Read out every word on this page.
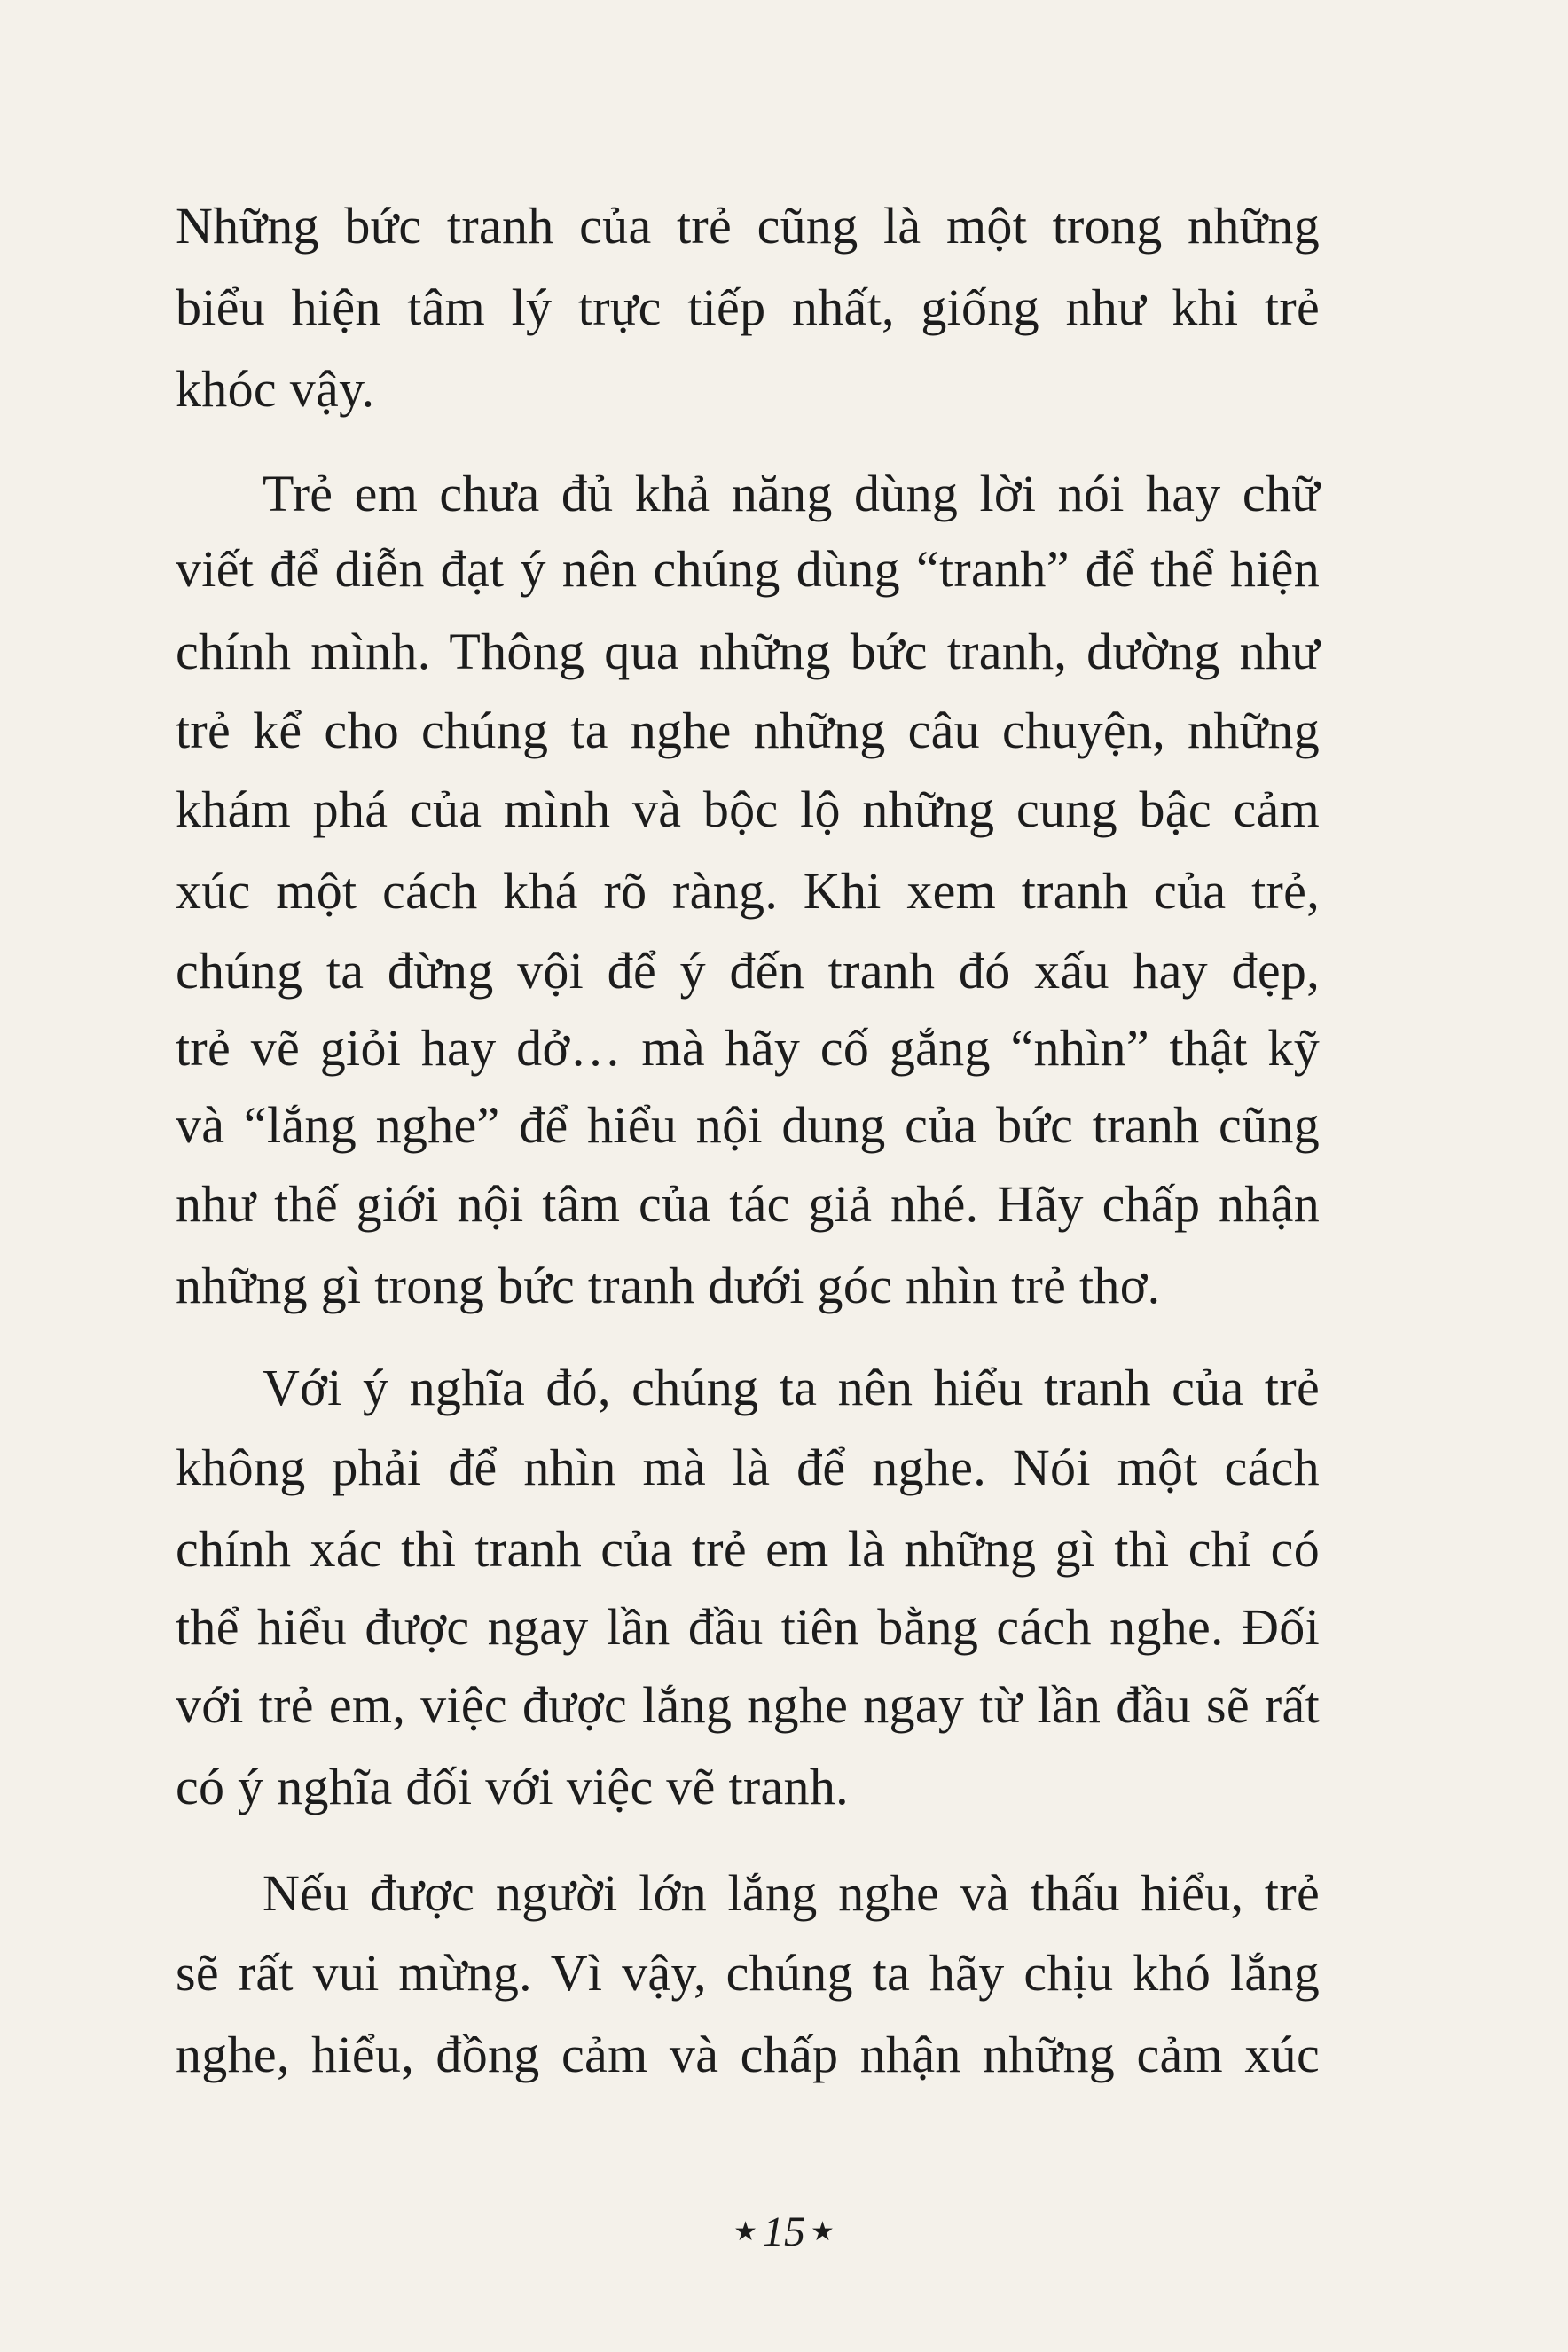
Những bức tranh của trẻ cũng là một trong những
biểu hiện tâm lý trực tiếp nhất, giống như khi trẻ
khóc vậy.
Trẻ em chưa đủ khả năng dùng lời nói hay chữ
viết để diễn đạt ý nên chúng dùng “tranh” để thể hiện
chính mình. Thông qua những bức tranh, dường như
trẻ kể cho chúng ta nghe những câu chuyện, những
khám phá của mình và bộc lộ những cung bậc cảm
xúc một cách khá rõ ràng. Khi xem tranh của trẻ,
chúng ta đừng vội để ý đến tranh đó xấu hay đẹp,
trẻ vẽ giỏi hay dở… mà hãy cố gắng “nhìn” thật kỹ
và “lắng nghe” để hiểu nội dung của bức tranh cũng
như thế giới nội tâm của tác giả nhé. Hãy chấp nhận
những gì trong bức tranh dưới góc nhìn trẻ thơ.
Với ý nghĩa đó, chúng ta nên hiểu tranh của trẻ
không phải để nhìn mà là để nghe. Nói một cách
chính xác thì tranh của trẻ em là những gì thì chỉ có
thể hiểu được ngay lần đầu tiên bằng cách nghe. Đối
với trẻ em, việc được lắng nghe ngay từ lần đầu sẽ rất
có ý nghĩa đối với việc vẽ tranh.
Nếu được người lớn lắng nghe và thấu hiểu, trẻ
sẽ rất vui mừng. Vì vậy, chúng ta hãy chịu khó lắng
nghe, hiểu, đồng cảm và chấp nhận những cảm xúc
★ 15 ★
